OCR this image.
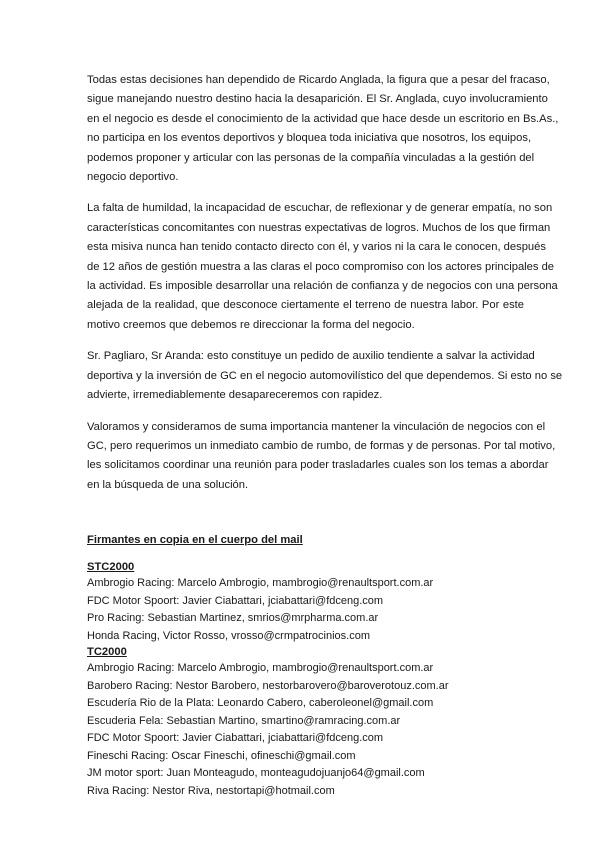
Todas estas decisiones han dependido de Ricardo Anglada, la figura que a pesar del fracaso,
sigue manejando nuestro destino hacia la desaparición. El Sr. Anglada, cuyo involucramiento
en el negocio es desde el conocimiento de la actividad que hace desde un escritorio en Bs.As.,
no participa en los eventos deportivos y bloquea toda iniciativa que nosotros, los equipos,
podemos proponer y articular con las personas de la compañía vinculadas a la gestión del
negocio deportivo.

La falta de humildad, la incapacidad de escuchar, de reflexionar y de generar empatía, no son
características concomitantes con nuestras expectativas de logros. Muchos de los que firman
esta misiva nunca han tenido contacto directo con él, y varios ni la cara le conocen, después
de 12 años de gestión muestra a las claras el poco compromiso con los actores principales de
la actividad. Es imposible desarrollar una relación de confianza y de negocios con una persona
alejada de la realidad, que desconoce ciertamente el terreno de nuestra labor. Por este
motivo creemos que debemos re direccionar la forma del negocio.

Sr. Pagliaro, Sr Aranda: esto constituye un pedido de auxilio tendiente a salvar la actividad
deportiva y la inversión de GC en el negocio automovilístico del que dependemos. Si esto no se
advierte, irremediablemente desapareceremos con rapidez.

Valoramos y consideramos de suma importancia mantener la vinculación de negocios con el
GC, pero requerimos un inmediato cambio de rumbo, de formas y de personas. Por tal motivo,
les solicitamos coordinar una reunión para poder trasladarles cuales son los temas a abordar
en la búsqueda de una solución.

Firmantes en copia en el cuerpo del mail
STC2000
Ambrogio Racing: Marcelo Ambrogio, mambrogio@renaultsport.com.ar
FDC Motor Spoort: Javier Ciabattari, jciabattari@fdceng.com
Pro Racing: Sebastian Martinez, smrios@mrpharma.com.ar
Honda Racing, Victor Rosso, vrosso@crmpatrocinios.com
TC2000
Ambrogio Racing: Marcelo Ambrogio, mambrogio@renaultsport.com.ar
Barobero Racing: Nestor Barobero, nestorbarovero@baroverotouz.com.ar
Escudería Rio de la Plata: Leonardo Cabero, caberoleonel@gmail.com
Escuderia Fela: Sebastian Martino, smartino@ramracing.com.ar
FDC Motor Spoort: Javier Ciabattari, jciabattari@fdceng.com
Fineschi Racing: Oscar Fineschi, ofineschi@gmail.com
JM motor sport: Juan Monteagudo, monteagudojuanjo64@gmail.com
Riva Racing: Nestor Riva, nestortapi@hotmail.com
